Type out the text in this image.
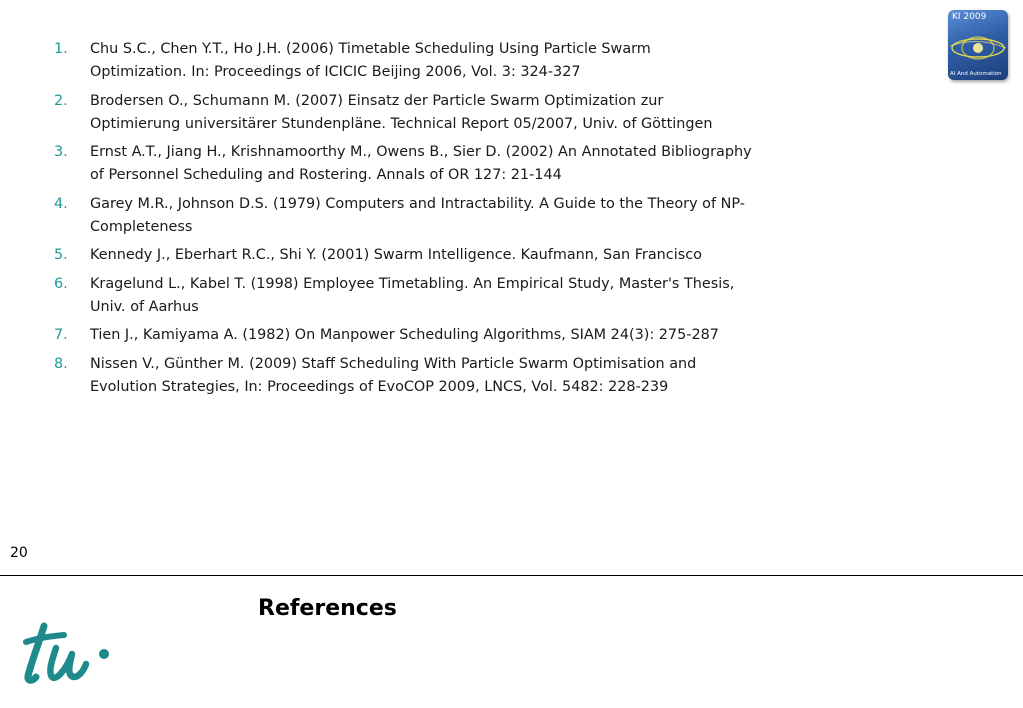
1. Chu S.C., Chen Y.T., Ho J.H. (2006) Timetable Scheduling Using Particle Swarm
Optimization. In: Proceedings of ICICIC Beijing 2006, Vol. 3: 324-327
2. Brodersen O., Schumann M. (2007) Einsatz der Particle Swarm Optimization zur
Optimierung universitärer Stundenpläne. Technical Report 05/2007, Univ. of Göttingen
3. Ernst A.T., Jiang H., Krishnamoorthy M., Owens B., Sier D. (2002) An Annotated Bibliography
of Personnel Scheduling and Rostering. Annals of OR 127: 21-144
4. Garey M.R., Johnson D.S. (1979) Computers and Intractability. A Guide to the Theory of NP-
Completeness
5. Kennedy J., Eberhart R.C., Shi Y. (2001) Swarm Intelligence. Kaufmann, San Francisco
6. Kragelund L., Kabel T. (1998) Employee Timetabling. An Empirical Study, Master's Thesis,
Univ. of Aarhus
7. Tien J., Kamiyama A. (1982) On Manpower Scheduling Algorithms, SIAM 24(3): 275-287
8. Nissen V., Günther M. (2009) Staff Scheduling With Particle Swarm Optimisation and
Evolution Strategies, In: Proceedings of EvoCOP 2009, LNCS, Vol. 5482: 228-239
KI 2009
AI And Automation
20
References
